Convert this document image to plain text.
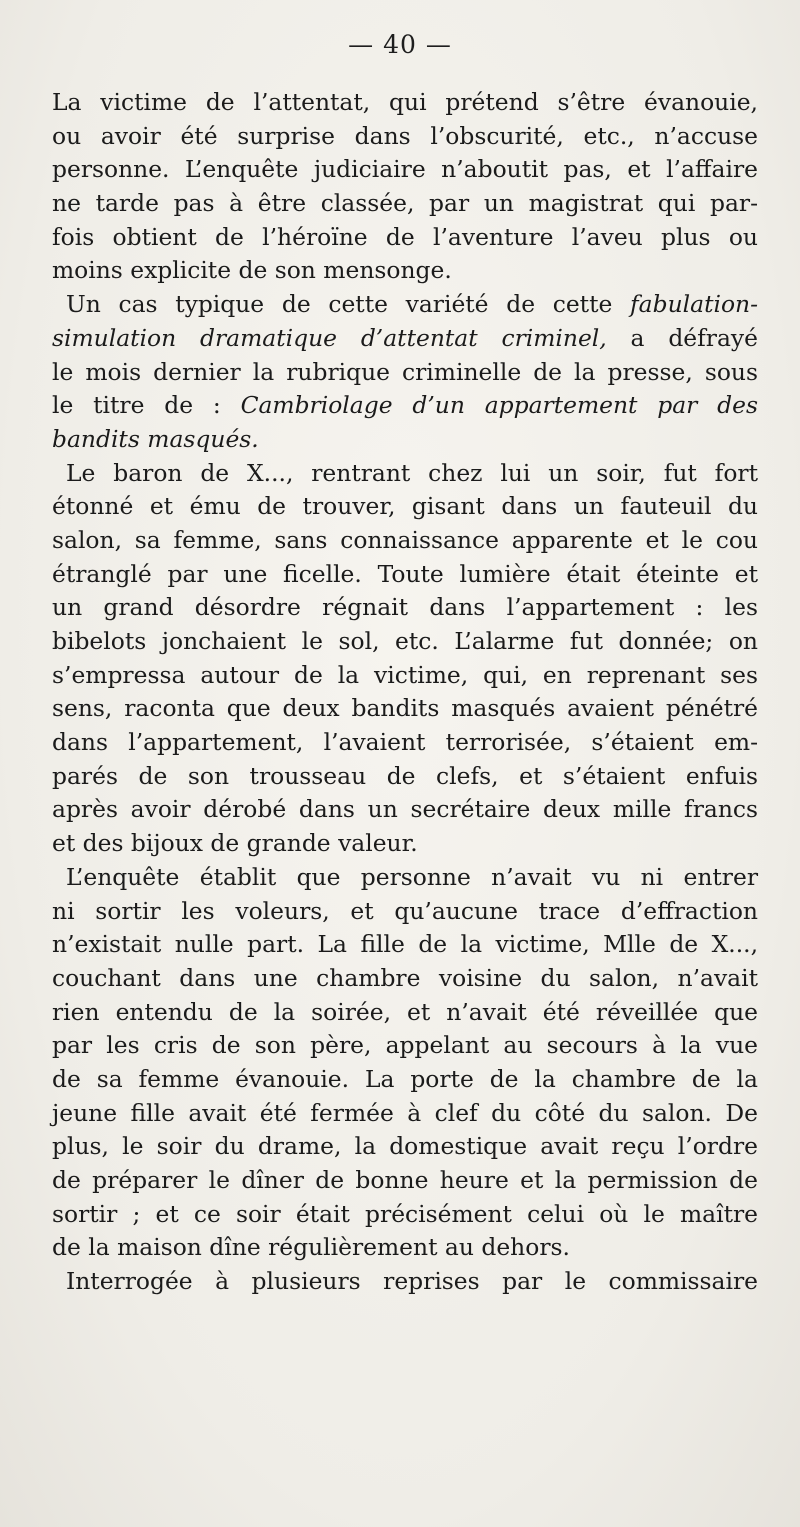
— 40 —

La victime de l’attentat, qui prétend s’être évanouie,
ou avoir été surprise dans l’obscurité, etc., n’accuse
personne. L’enquête judiciaire n’aboutit pas, et l’affaire
ne tarde pas à être classée, par un magistrat qui par-
fois obtient de l’héroïne de l’aventure l’aveu plus ou
moins explicite de son mensonge.

Un cas typique de cette variété de cette fabulation-
simulation dramatique d’attentat criminel, a défrayé
le mois dernier la rubrique criminelle de la presse, sous
le titre de : Cambriolage d’un appartement par des
bandits masqués.

Le baron de X..., rentrant chez lui un soir, fut fort
étonné et ému de trouver, gisant dans un fauteuil du
salon, sa femme, sans connaissance apparente et le cou
étranglé par une ficelle. Toute lumière était éteinte et
un grand désordre régnait dans l’appartement : les
bibelots jonchaient le sol, etc. L’alarme fut donnée; on
s’empressa autour de la victime, qui, en reprenant ses
sens, raconta que deux bandits masqués avaient pénétré
dans l’appartement, l’avaient terrorisée, s’étaient em-
parés de son trousseau de clefs, et s’étaient enfuis
après avoir dérobé dans un secrétaire deux mille francs
et des bijoux de grande valeur.

L’enquête établit que personne n’avait vu ni entrer
ni sortir les voleurs, et qu’aucune trace d’effraction
n’existait nulle part. La fille de la victime, Mlle de X...,
couchant dans une chambre voisine du salon, n’avait
rien entendu de la soirée, et n’avait été réveillée que
par les cris de son père, appelant au secours à la vue
de sa femme évanouie. La porte de la chambre de la
jeune fille avait été fermée à clef du côté du salon. De
plus, le soir du drame, la domestique avait reçu l’ordre
de préparer le dîner de bonne heure et la permission de
sortir ; et ce soir était précisément celui où le maître
de la maison dîne régulièrement au dehors.

Interrogée à plusieurs reprises par le commissaire
